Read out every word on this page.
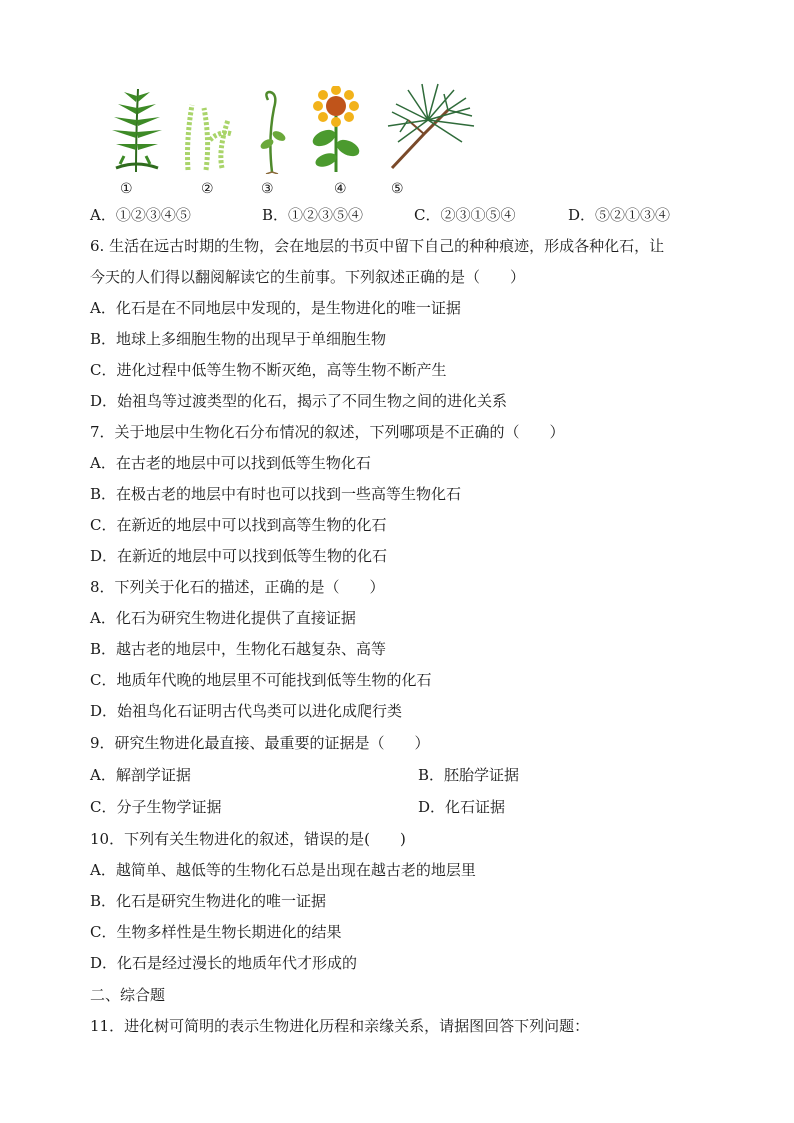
①	②	③	④	⑤
A．①②③④⑤	B．①②③⑤④	C．②③①⑤④	D．⑤②①③④
6. 生活在远古时期的生物，会在地层的书页中留下自己的种种痕迹，形成各种化石，让
今天的人们得以翻阅解读它的生前事。下列叙述正确的是（　　）
A．化石是在不同地层中发现的，是生物进化的唯一证据
B．地球上多细胞生物的出现早于单细胞生物
C．进化过程中低等生物不断灭绝，高等生物不断产生
D．始祖鸟等过渡类型的化石，揭示了不同生物之间的进化关系
7．关于地层中生物化石分布情况的叙述，下列哪项是不正确的（　　）
A．在古老的地层中可以找到低等生物化石
B．在极古老的地层中有时也可以找到一些高等生物化石
C．在新近的地层中可以找到高等生物的化石
D．在新近的地层中可以找到低等生物的化石
8．下列关于化石的描述，正确的是（　　）
A．化石为研究生物进化提供了直接证据
B．越古老的地层中，生物化石越复杂、高等
C．地质年代晚的地层里不可能找到低等生物的化石
D．始祖鸟化石证明古代鸟类可以进化成爬行类
9．研究生物进化最直接、最重要的证据是（　　）
A．解剖学证据	B．胚胎学证据
C．分子生物学证据	D．化石证据
10．下列有关生物进化的叙述，错误的是(　　)
A．越简单、越低等的生物化石总是出现在越古老的地层里
B．化石是研究生物进化的唯一证据
C．生物多样性是生物长期进化的结果
D．化石是经过漫长的地质年代才形成的
二、综合题
11．进化树可简明的表示生物进化历程和亲缘关系，请据图回答下列问题：
